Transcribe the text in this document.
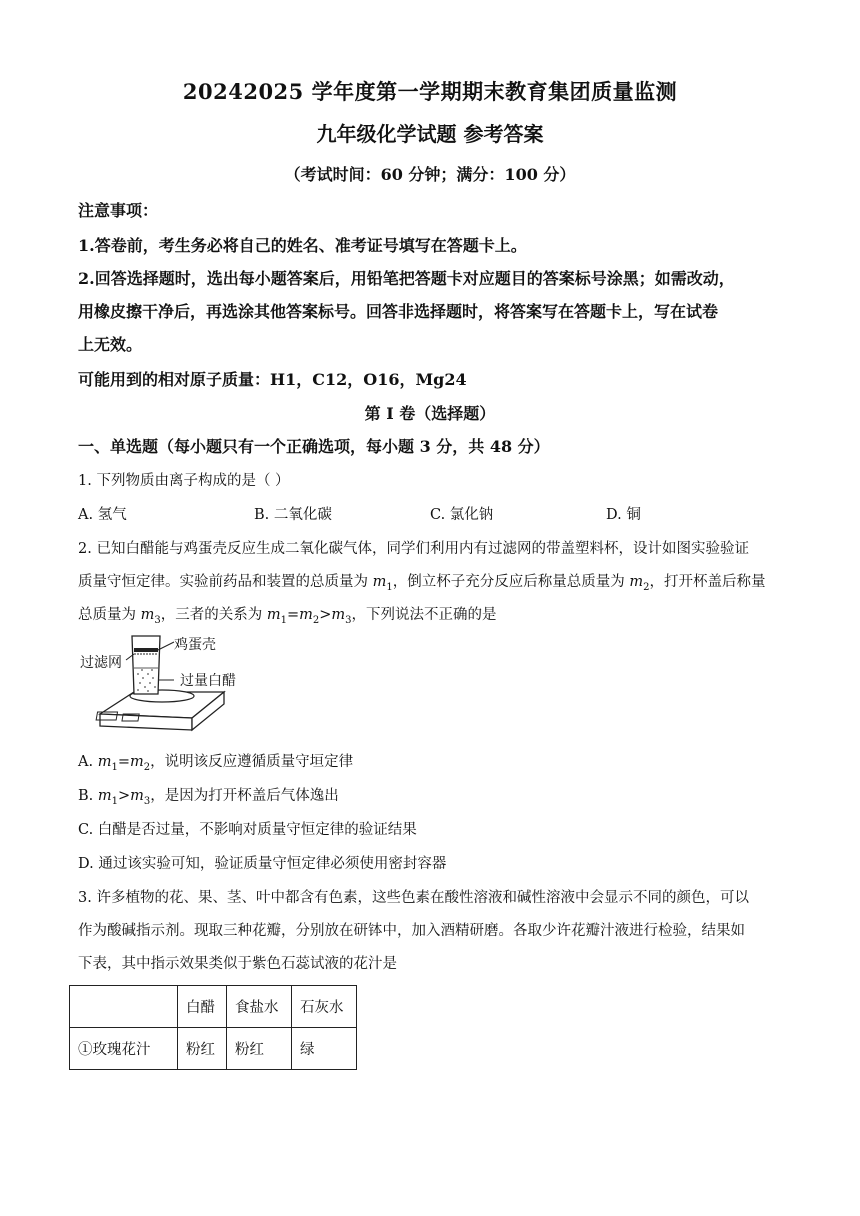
20242025 学年度第一学期期末教育集团质量监测
九年级化学试题 参考答案
（考试时间：60 分钟；满分：100 分）
注意事项：
1.答卷前，考生务必将自己的姓名、准考证号填写在答题卡上。
2.回答选择题时，选出每小题答案后，用铅笔把答题卡对应题目的答案标号涂黑；如需改动，
用橡皮擦干净后，再选涂其他答案标号。回答非选择题时，将答案写在答题卡上，写在试卷
上无效。
可能用到的相对原子质量：H1，C12，O16，Mg24
第 I 卷（选择题）
一、单选题（每小题只有一个正确选项，每小题 3 分，共 48 分）
1. 下列物质由离子构成的是（ ）
A. 氢气	B. 二氧化碳	C. 氯化钠	D. 铜
2. 已知白醋能与鸡蛋壳反应生成二氧化碳气体，同学们利用内有过滤网的带盖塑料杯，设计如图实验验证
质量守恒定律。实验前药品和装置的总质量为 $m_1$，倒立杯子充分反应后称量总质量为 $m_2$，打开杯盖后称量
总质量为 $m_3$，三者的关系为 $m_1=m_2>m_3$，下列说法不正确的是
鸡蛋壳
过滤网
过量白醋
A. $m_1=m_2$，说明该反应遵循质量守垣定律
B. $m_1>m_3$，是因为打开杯盖后气体逸出
C. 白醋是否过量，不影响对质量守恒定律的验证结果
D. 通过该实验可知，验证质量守恒定律必须使用密封容器
3. 许多植物的花、果、茎、叶中都含有色素，这些色素在酸性溶液和碱性溶液中会显示不同的颜色，可以
作为酸碱指示剂。现取三种花瓣，分别放在研钵中，加入酒精研磨。各取少许花瓣汁液进行检验，结果如
下表，其中指示效果类似于紫色石蕊试液的花汁是
	白醋	食盐水	石灰水
①玫瑰花汁	粉红	粉红	绿
